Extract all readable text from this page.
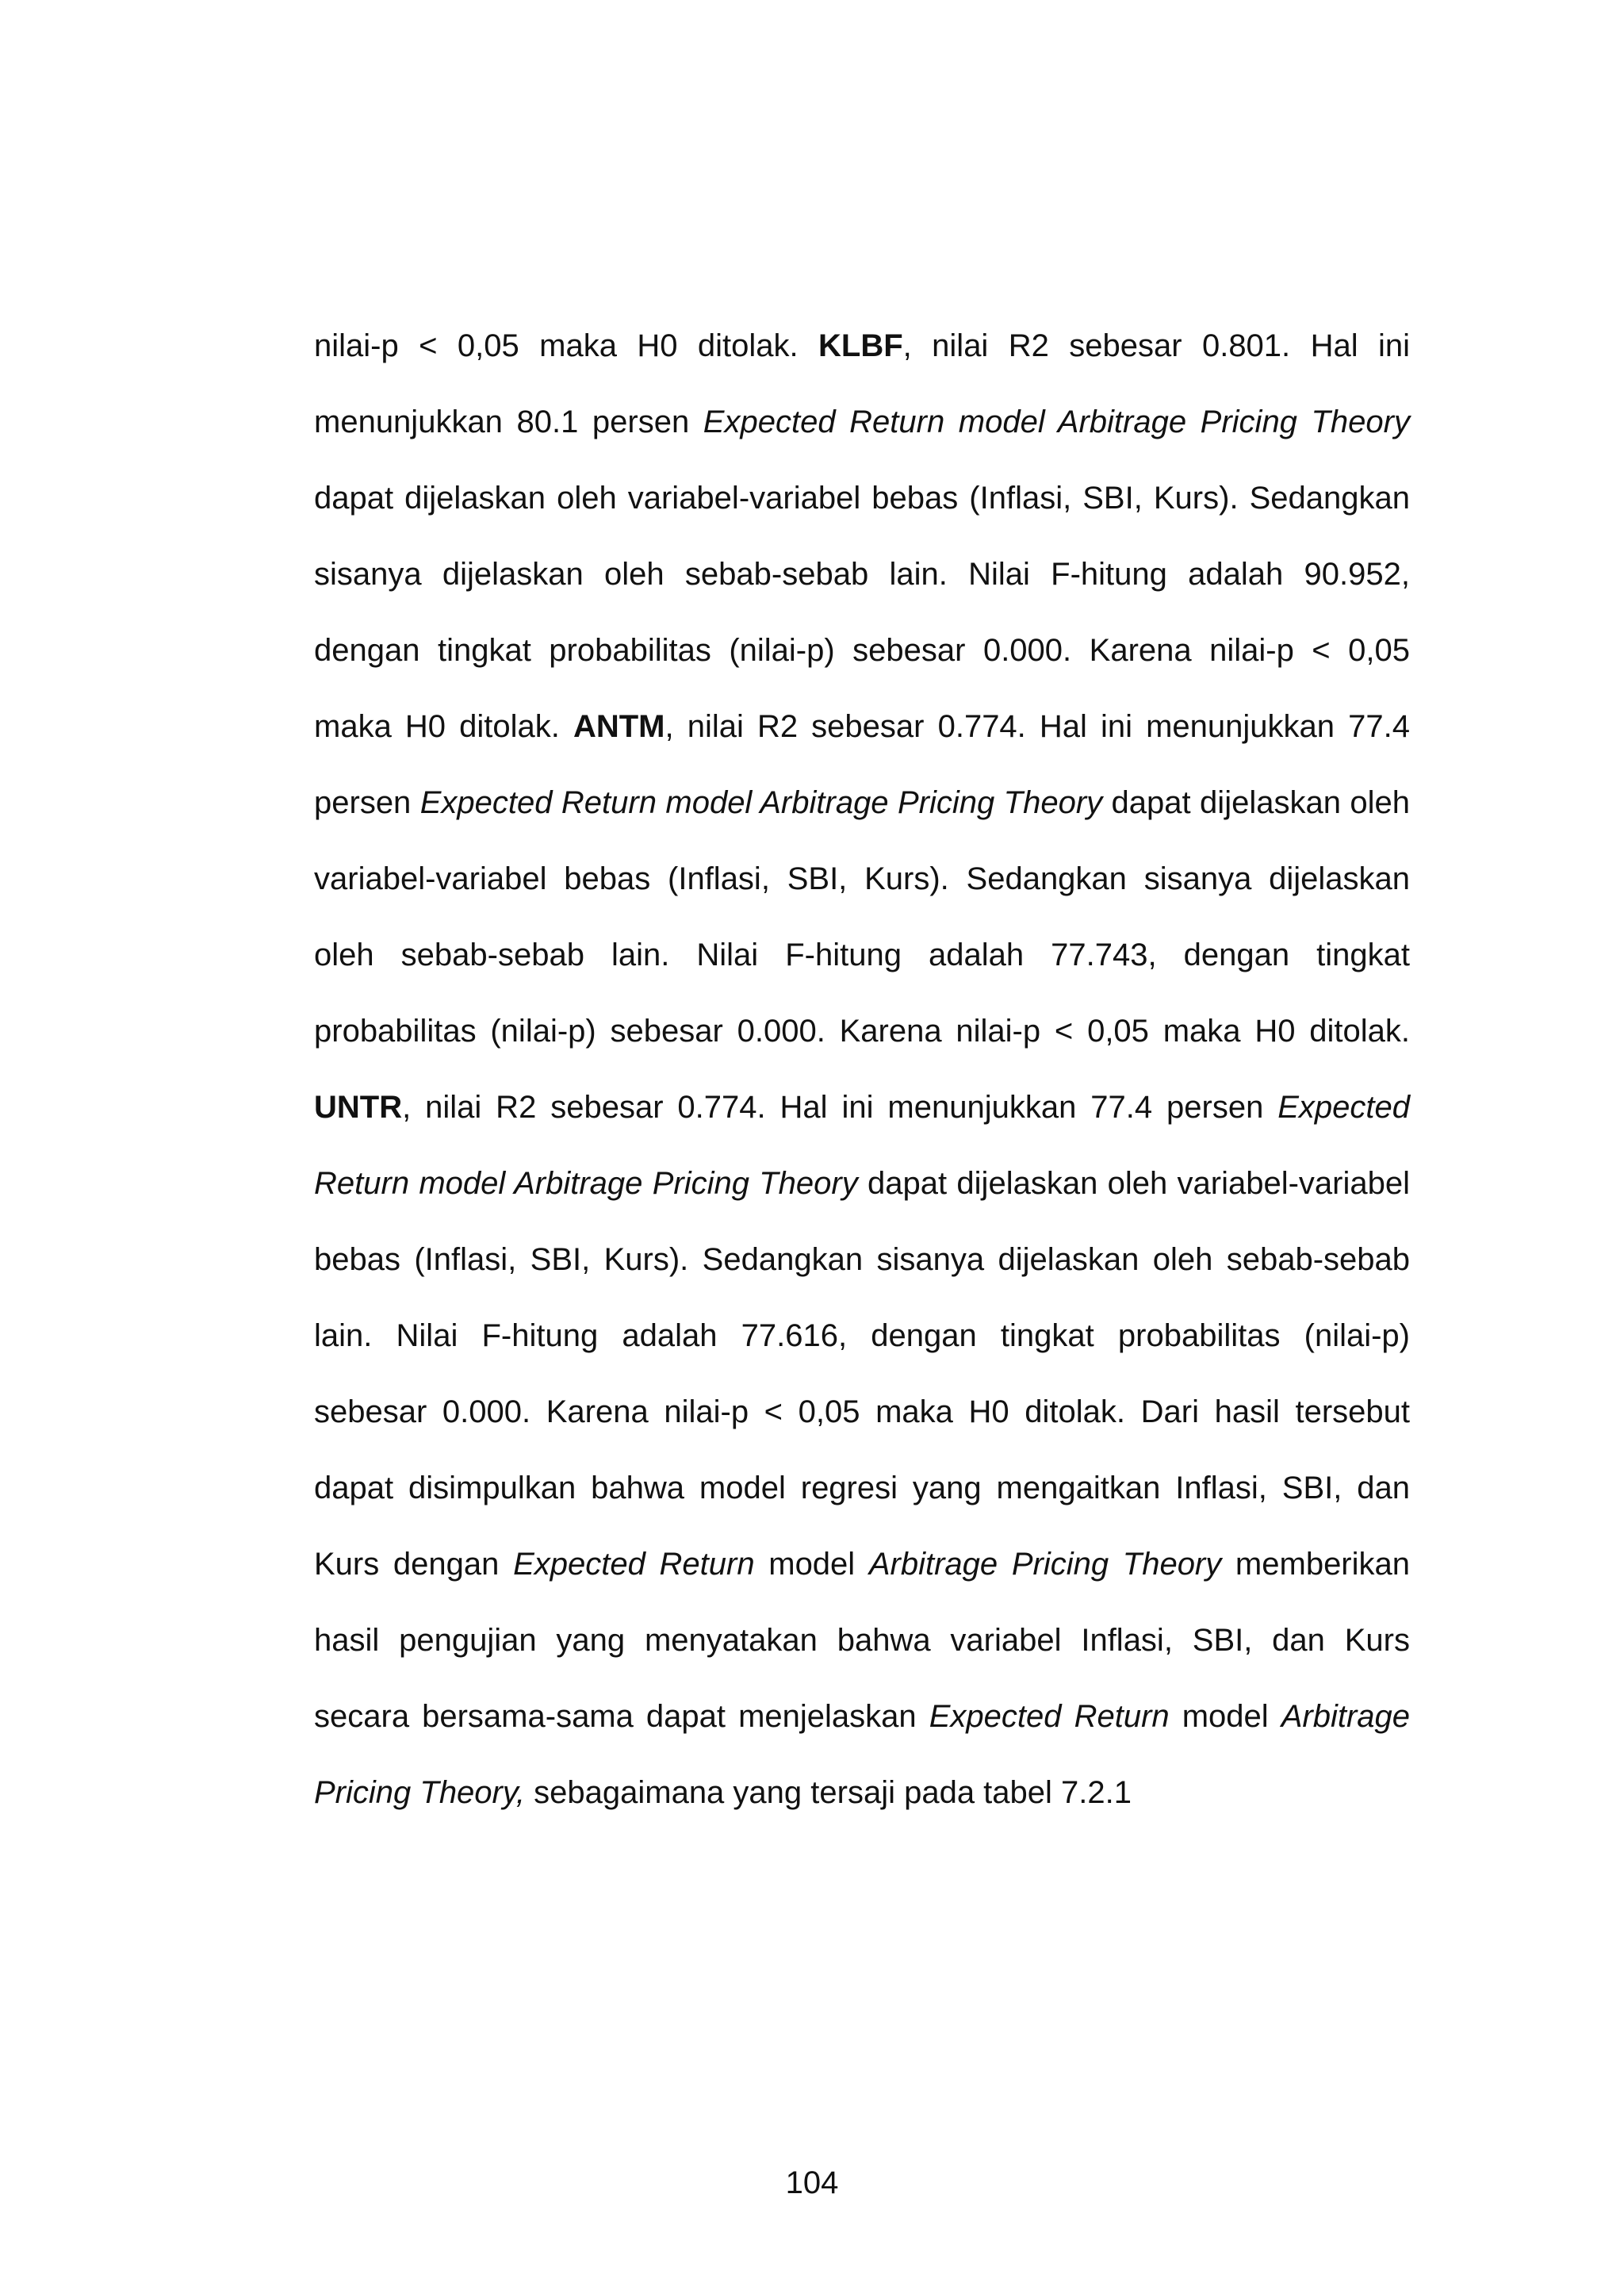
nilai-p < 0,05 maka H0 ditolak. KLBF, nilai R2 sebesar 0.801. Hal ini menunjukkan 80.1 persen Expected Return model Arbitrage Pricing Theory dapat dijelaskan oleh variabel-variabel bebas (Inflasi, SBI, Kurs). Sedangkan sisanya dijelaskan oleh sebab-sebab lain. Nilai F-hitung adalah 90.952, dengan tingkat probabilitas (nilai-p) sebesar 0.000. Karena nilai-p < 0,05 maka H0 ditolak. ANTM, nilai R2 sebesar 0.774. Hal ini menunjukkan 77.4 persen Expected Return model Arbitrage Pricing Theory dapat dijelaskan oleh variabel-variabel bebas (Inflasi, SBI, Kurs). Sedangkan sisanya dijelaskan oleh sebab-sebab lain. Nilai F-hitung adalah 77.743, dengan tingkat probabilitas (nilai-p) sebesar 0.000. Karena nilai-p < 0,05 maka H0 ditolak. UNTR, nilai R2 sebesar 0.774. Hal ini menunjukkan 77.4 persen Expected Return model Arbitrage Pricing Theory dapat dijelaskan oleh variabel-variabel bebas (Inflasi, SBI, Kurs). Sedangkan sisanya dijelaskan oleh sebab-sebab lain. Nilai F-hitung adalah 77.616, dengan tingkat probabilitas (nilai-p) sebesar 0.000. Karena nilai-p < 0,05 maka H0 ditolak. Dari hasil tersebut dapat disimpulkan bahwa model regresi yang mengaitkan Inflasi, SBI, dan Kurs dengan Expected Return model Arbitrage Pricing Theory memberikan hasil pengujian yang menyatakan bahwa variabel Inflasi, SBI, dan Kurs secara bersama-sama dapat menjelaskan Expected Return model Arbitrage Pricing Theory, sebagaimana yang tersaji pada tabel 7.2.1

104
